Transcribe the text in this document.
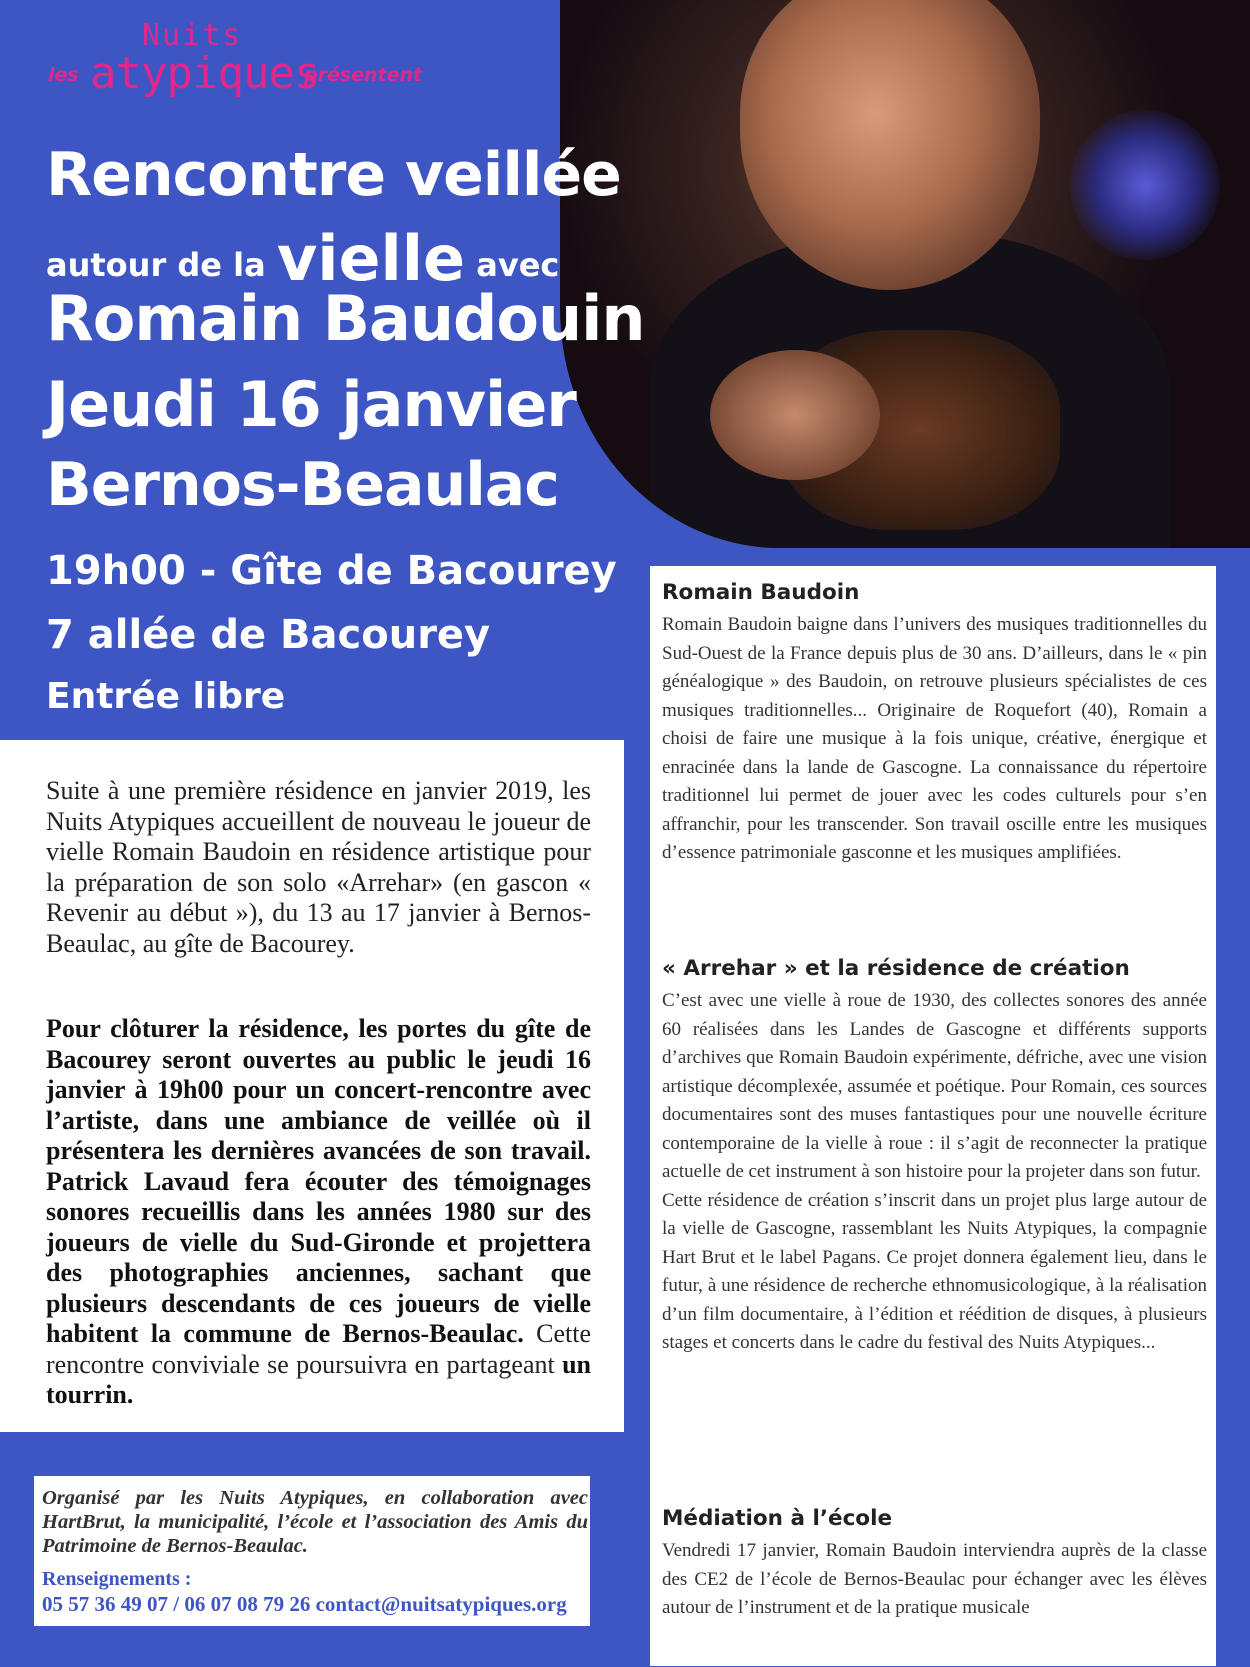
les
Nuits
atypiques
présentent
Rencontre veillée
autour de la vielle avec
Romain Baudouin
Jeudi 16 janvier
Bernos-Beaulac
19h00 - Gîte de Bacourey
7 allée de Bacourey
Entrée libre

Suite à une première résidence en janvier 2019, les Nuits Atypiques accueillent de nouveau le joueur de vielle Romain Baudoin en résidence artistique pour la préparation de son solo «Arrehar» (en gascon « Revenir au début »), du 13 au 17 janvier à Bernos-Beaulac, au gîte de Bacourey.

Pour clôturer la résidence, les portes du gîte de Bacourey seront ouvertes au public le jeudi 16 janvier à 19h00 pour un concert-rencontre avec l’artiste, dans une ambiance de veillée où il présentera les dernières avancées de son travail. Patrick Lavaud fera écouter des témoignages sonores recueillis dans les années 1980 sur des joueurs de vielle du Sud-Gironde et projettera des photographies anciennes, sachant que plusieurs descendants de ces joueurs de vielle habitent la commune de Bernos-Beaulac. Cette rencontre conviviale se poursuivra en partageant un tourrin.

Organisé par les Nuits Atypiques, en collaboration avec HartBrut, la municipalité, l’école et l’association des Amis du Patrimoine de Bernos-Beaulac.

Renseignements :

05 57 36 49 07 / 06 07 08 79 26 contact@nuitsatypiques.org

Romain Baudoin

Romain Baudoin baigne dans l’univers des musiques traditionnelles du Sud-Ouest de la France depuis plus de 30 ans. D’ailleurs, dans le « pin généalogique » des Baudoin, on retrouve plusieurs spécialistes de ces musiques traditionnelles... Originaire de Roquefort (40), Romain a choisi de faire une musique à la fois unique, créative, énergique et enracinée dans la lande de Gascogne. La connaissance du répertoire traditionnel lui permet de jouer avec les codes culturels pour s’en affranchir, pour les transcender. Son travail oscille entre les musiques d’essence patrimoniale gasconne et les musiques amplifiées.

« Arrehar » et la résidence de création
C’est avec une vielle à roue de 1930, des collectes sonores des année 60 réalisées dans les Landes de Gascogne et différents supports d’archives que Romain Baudoin expérimente, défriche, avec une vision artistique décomplexée, assumée et poétique. Pour Romain, ces sources documentaires sont des muses fantastiques pour une nouvelle écriture contemporaine de la vielle à roue : il s’agit de reconnecter la pratique actuelle de cet instrument à son histoire pour la projeter dans son futur.
Cette résidence de création s’inscrit dans un projet plus large autour de la vielle de Gascogne, rassemblant les Nuits Atypiques, la compagnie Hart Brut et le label Pagans. Ce projet donnera également lieu, dans le futur, à une résidence de recherche ethnomusicologique, à la réalisation d’un film documentaire, à l’édition et réédition de disques, à plusieurs stages et concerts dans le cadre du festival des Nuits Atypiques...
Médiation à l’école

Vendredi 17 janvier, Romain Baudoin interviendra auprès de la classe des CE2 de l’école de Bernos-Beaulac pour échanger avec les élèves autour de l’instrument et de la pratique musicale
